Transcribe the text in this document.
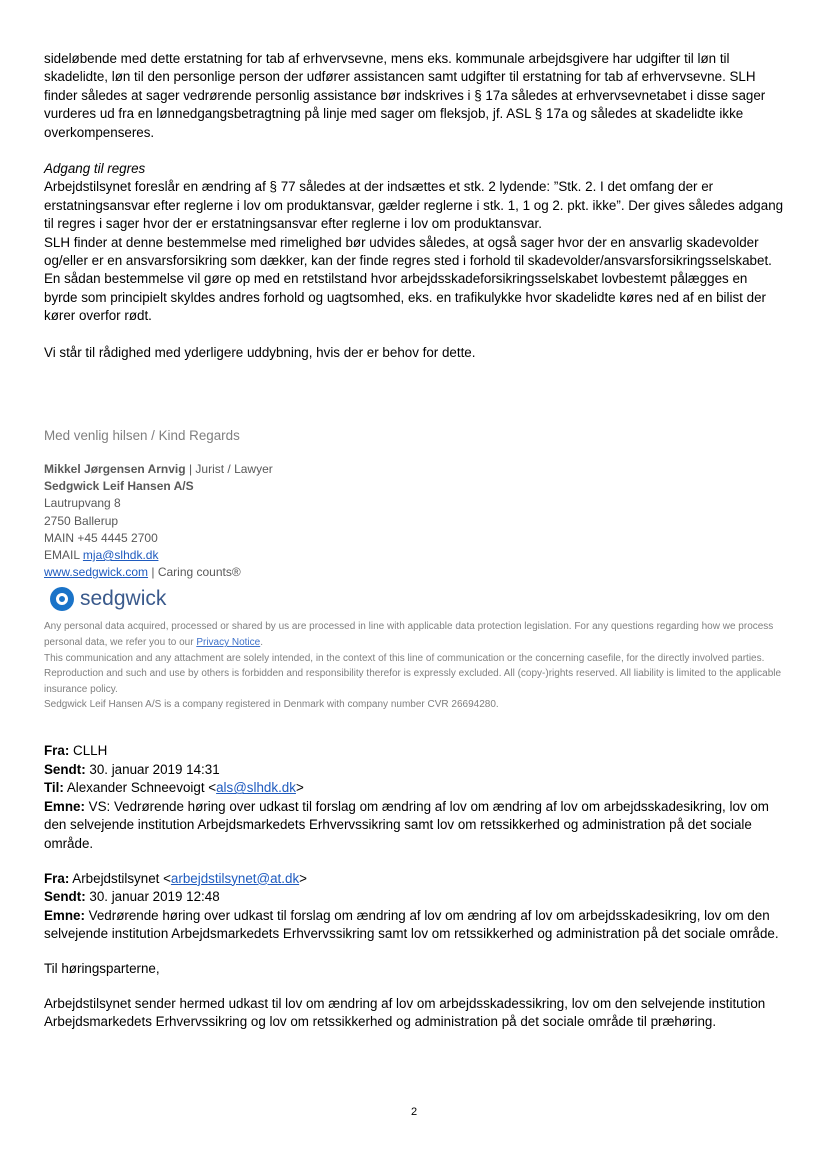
sideløbende med dette erstatning for tab af erhvervsevne, mens eks. kommunale arbejdsgivere har udgifter til løn til skadelidte, løn til den personlige person der udfører assistancen samt udgifter til erstatning for tab af erhvervsevne. SLH finder således at sager vedrørende personlig assistance bør indskrives i § 17a således at erhvervsevnetabet i disse sager vurderes ud fra en lønnedgangsbetragtning på linje med sager om fleksjob, jf. ASL § 17a og således at skadelidte ikke overkompenseres.

Adgang til regres

Arbejdstilsynet foreslår en ændring af § 77 således at der indsættes et stk. 2 lydende: ”Stk. 2. I det omfang der er erstatningsansvar efter reglerne i lov om produktansvar, gælder reglerne i stk. 1, 1 og 2. pkt. ikke”. Der gives således adgang til regres i sager hvor der er erstatningsansvar efter reglerne i lov om produktansvar.

SLH finder at denne bestemmelse med rimelighed bør udvides således, at også sager hvor der en ansvarlig skadevolder og/eller er en ansvarsforsikring som dækker, kan der finde regres sted i forhold til skadevolder/ansvarsforsikringsselskabet.

En sådan bestemmelse vil gøre op med en retstilstand hvor arbejdsskadeforsikringsselskabet lovbestemt pålægges en byrde som principielt skyldes andres forhold og uagtsomhed, eks. en trafikulykke hvor skadelidte køres ned af en bilist der kører overfor rødt.

Vi står til rådighed med yderligere uddybning, hvis der er behov for dette.

Med venlig hilsen / Kind Regards

Mikkel Jørgensen Arnvig | Jurist / Lawyer

Sedgwick Leif Hansen A/S

Lautrupvang 8

2750 Ballerup

MAIN +45 4445 2700

EMAIL mja@slhdk.dk

www.sedgwick.com | Caring counts®

sedgwick

Any personal data acquired, processed or shared by us are processed in line with applicable data protection legislation. For any questions regarding how we process personal data, we refer you to our Privacy Notice.

This communication and any attachment are solely intended, in the context of this line of communication or the concerning casefile, for the directly involved parties. Reproduction and such and use by others is forbidden and responsibility therefor is expressly excluded. All (copy-)rights reserved. All liability is limited to the applicable insurance policy.

Sedgwick Leif Hansen A/S is a company registered in Denmark with company number CVR 26694280.

Fra: CLLH

Sendt: 30. januar 2019 14:31

Til: Alexander Schneevoigt <als@slhdk.dk>

Emne: VS: Vedrørende høring over udkast til forslag om ændring af lov om ændring af lov om arbejdsskadesikring, lov om den selvejende institution Arbejdsmarkedets Erhvervssikring samt lov om retssikkerhed og administration på det sociale område.

Fra: Arbejdstilsynet <arbejdstilsynet@at.dk>

Sendt: 30. januar 2019 12:48

Emne: Vedrørende høring over udkast til forslag om ændring af lov om ændring af lov om arbejdsskadesikring, lov om den selvejende institution Arbejdsmarkedets Erhvervssikring samt lov om retssikkerhed og administration på det sociale område.

Til høringsparterne,

Arbejdstilsynet sender hermed udkast til lov om ændring af lov om arbejdsskadessikring, lov om den selvejende institution Arbejdsmarkedets Erhvervssikring og lov om retssikkerhed og administration på det sociale område til præhøring.

2
